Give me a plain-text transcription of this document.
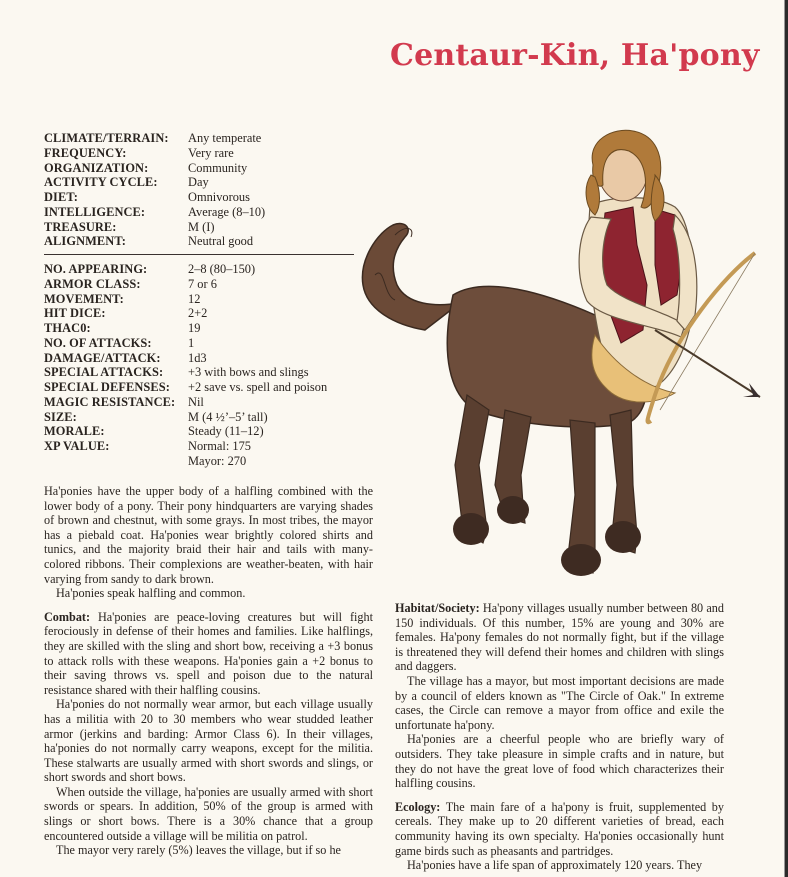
Centaur-Kin, Ha'pony
CLIMATE/TERRAIN:	Any temperate
FREQUENCY:	Very rare
ORGANIZATION:	Community
ACTIVITY CYCLE:	Day
DIET:	Omnivorous
INTELLIGENCE:	Average (8–10)
TREASURE:	M (I)
ALIGNMENT:	Neutral good
NO. APPEARING:	2–8 (80–150)
ARMOR CLASS:	7 or 6
MOVEMENT:	12
HIT DICE:	2+2
THAC0:	19
NO. OF ATTACKS:	1
DAMAGE/ATTACK:	1d3
SPECIAL ATTACKS:	+3 with bows and slings
SPECIAL DEFENSES:	+2 save vs. spell and poison
MAGIC RESISTANCE:	Nil
SIZE:	M (4 ½’–5’ tall)
MORALE:	Steady (11–12)
XP VALUE:	Normal: 175
Mayor: 270

Ha'ponies have the upper body of a halfling combined with the lower body of a pony. Their pony hindquarters are varying shades of brown and chestnut, with some grays. In most tribes, the mayor has a piebald coat. Ha'ponies wear brightly colored shirts and tunics, and the majority braid their hair and tails with many-colored ribbons. Their complexions are weather-beaten, with hair varying from sandy to dark brown.

Ha'ponies speak halfling and common.

Combat: Ha'ponies are peace-loving creatures but will fight ferociously in defense of their homes and families. Like halflings, they are skilled with the sling and short bow, receiving a +3 bonus to attack rolls with these weapons. Ha'ponies gain a +2 bonus to their saving throws vs. spell and poison due to the natural resistance shared with their halfling cousins.

Ha'ponies do not normally wear armor, but each village usually has a militia with 20 to 30 members who wear studded leather armor (jerkins and barding: Armor Class 6). In their villages, ha'ponies do not normally carry weapons, except for the militia. These stalwarts are usually armed with short swords and slings, or short swords and short bows.

When outside the village, ha'ponies are usually armed with short swords or spears. In addition, 50% of the group is armed with slings or short bows. There is a 30% chance that a group encountered outside a village will be militia on patrol.

The mayor very rarely (5%) leaves the village, but if so he

Habitat/Society: Ha'pony villages usually number between 80 and 150 individuals. Of this number, 15% are young and 30% are females. Ha'pony females do not normally fight, but if the village is threatened they will defend their homes and children with slings and daggers.

The village has a mayor, but most important decisions are made by a council of elders known as "The Circle of Oak." In extreme cases, the Circle can remove a mayor from office and exile the unfortunate ha'pony.

Ha'ponies are a cheerful people who are briefly wary of outsiders. They take pleasure in simple crafts and in nature, but they do not have the great love of food which characterizes their halfling cousins.

Ecology: The main fare of a ha'pony is fruit, supplemented by cereals. They make up to 20 different varieties of bread, each community having its own specialty. Ha'ponies occasionally hunt game birds such as pheasants and partridges.

Ha'ponies have a life span of approximately 120 years. They
